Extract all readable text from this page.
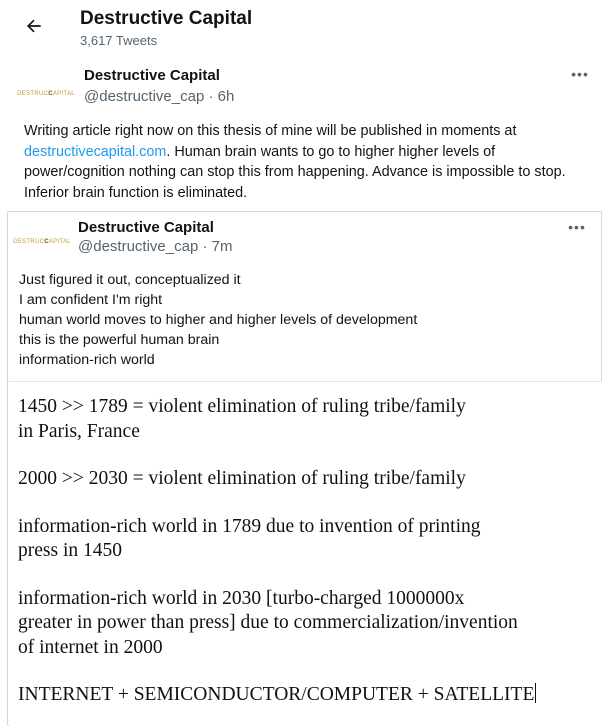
Destructive Capital
3,617 Tweets
DESTRUCCAPITAL
Destructive Capital
@destructive_cap · 6h
•••
Writing article right now on this thesis of mine will be published in moments at destructivecapital.com. Human brain wants to go to higher higher levels of power/cognition nothing can stop this from happening. Advance is impossible to stop. Inferior brain function is eliminated.
DESTRUCCAPITAL
Destructive Capital
@destructive_cap · 7m
•••
Just figured it out, conceptualized it
I am confident I'm right
human world moves to higher and higher levels of development
this is the powerful human brain
information-rich world
1450 >> 1789 = violent elimination of ruling tribe/family
in Paris, France
2000 >> 2030 = violent elimination of ruling tribe/family
information-rich world in 1789 due to invention of printing
press in 1450
information-rich world in 2030 [turbo-charged 1000000x
greater in power than press] due to commercialization/invention
of internet in 2000
INTERNET + SEMICONDUCTOR/COMPUTER + SATELLITE
